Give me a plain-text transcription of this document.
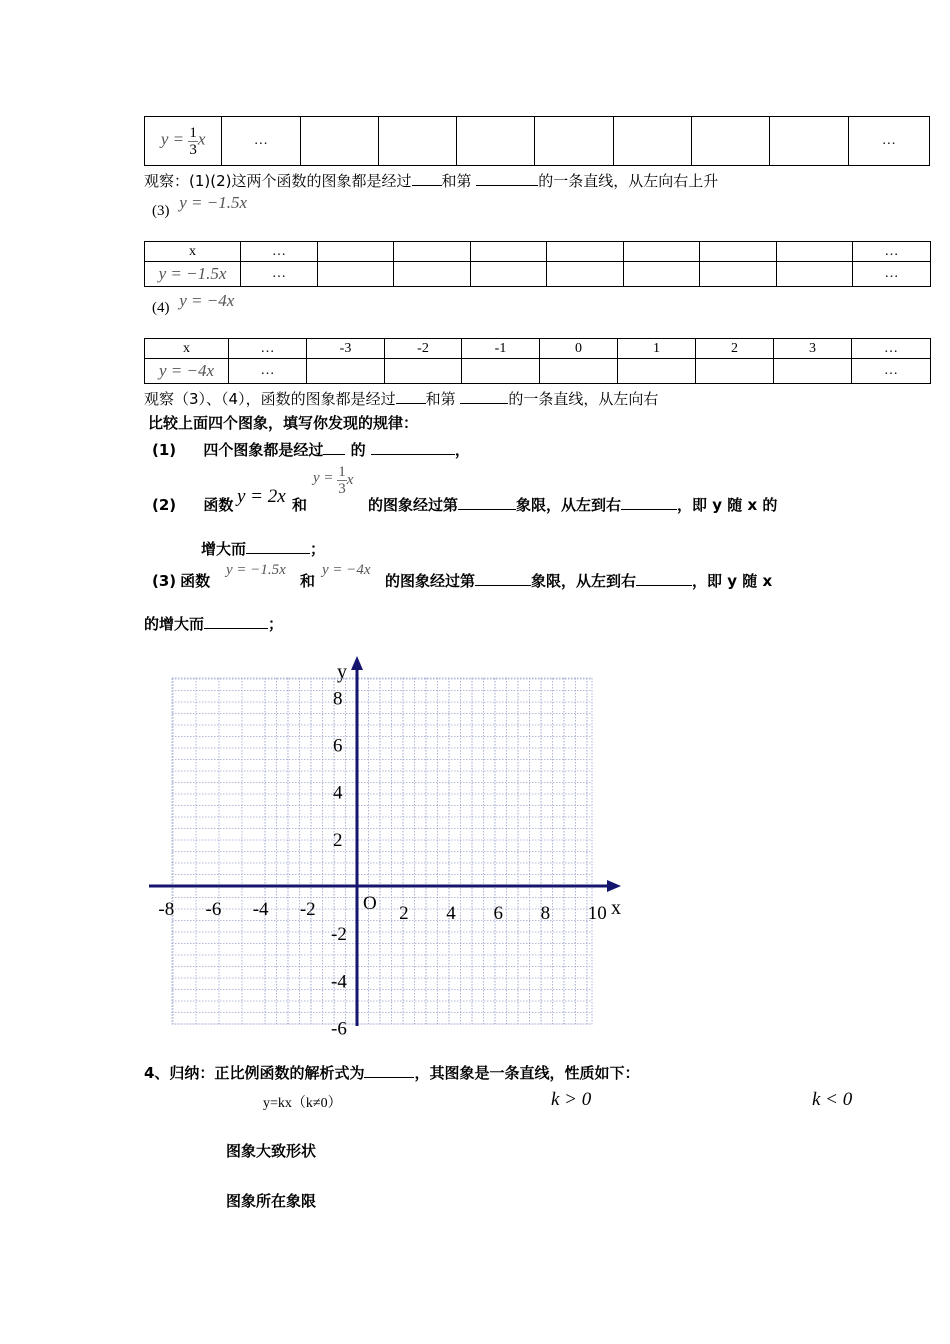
$y = \frac{1}{3}$ x	…								…
观察：(1)(2)这两个函数的图象都是经过 和第	的一条直线，从左向右上升
(3) y = −1.5x
x	…								…
y = −1.5x	…								…
(4) y = −4x
x	…	-3	-2	-1	0	1	2	3	…
y = −4x	…								…
观察（3）、（4），函数的图象都是经过 和第	的一条直线，从左向右
比较上面四个图象，填写你发现的规律：
(1) 四个图象都是经过 的	，
(2) 函数 y = 2x 和
$y = \frac{1}{3}$ x
的图象经过第	象限，从左到右	，即 y 随 x 的
增大而	；
(3) 函数
y = −1.5x
和
y = −4x
的图象经过第	象限，从左到右	，即 y 随 x
的增大而	；
-8 -6 -4 -2	2 4 6 8 10
8
6
4
2
-2
-4
-6
x
y
O
4、归纳：正比例函数的解析式为	，其图象是一条直线，性质如下：
y=kx（k≠0）	k > 0	k < 0
图象大致形状
图象所在象限
